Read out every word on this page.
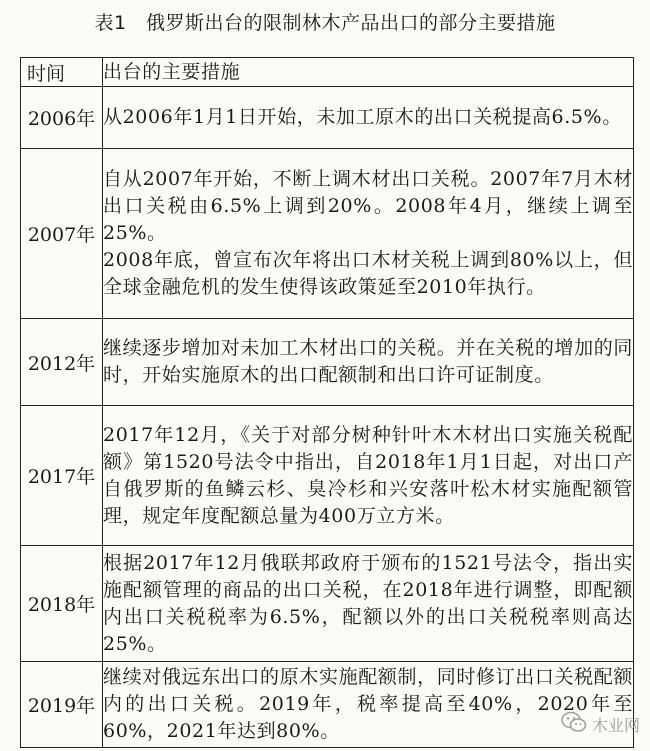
表1　俄罗斯出台的限制林木产品出口的部分主要措施
时间	出台的主要措施
2006年	从2006年1月1日开始，未加工原木的出口关税提高6.5%。

2007年	自从2007年开始，不断上调木材出口关税。2007年7月木材出口关税由6.5%上调到20%。2008年4月，继续上调至25%。
2008年底，曾宣布次年将出口木材关税上调到80%以上，但全球金融危机的发生使得该政策延至2010年执行。

2012年	继续逐步增加对未加工木材出口的关税。并在关税的增加的同时，开始实施原木的出口配额制和出口许可证制度。

2017年	2017年12月，《关于对部分树种针叶木木材出口实施关税配额》第1520号法令中指出，自2018年1月1日起，对出口产自俄罗斯的鱼鳞云杉、臭冷杉和兴安落叶松木材实施配额管理，规定年度配额总量为400万立方米。

2018年	根据2017年12月俄联邦政府于颁布的1521号法令，指出实施配额管理的商品的出口关税，在2018年进行调整，即配额内出口关税税率为6.5%，配额以外的出口关税税率则高达25%。

2019年	继续对俄远东出口的原木实施配额制，同时修订出口关税配额内的出口关税。2019年，税率提高至40%，2020年至60%，2021年达到80%。	木业网
